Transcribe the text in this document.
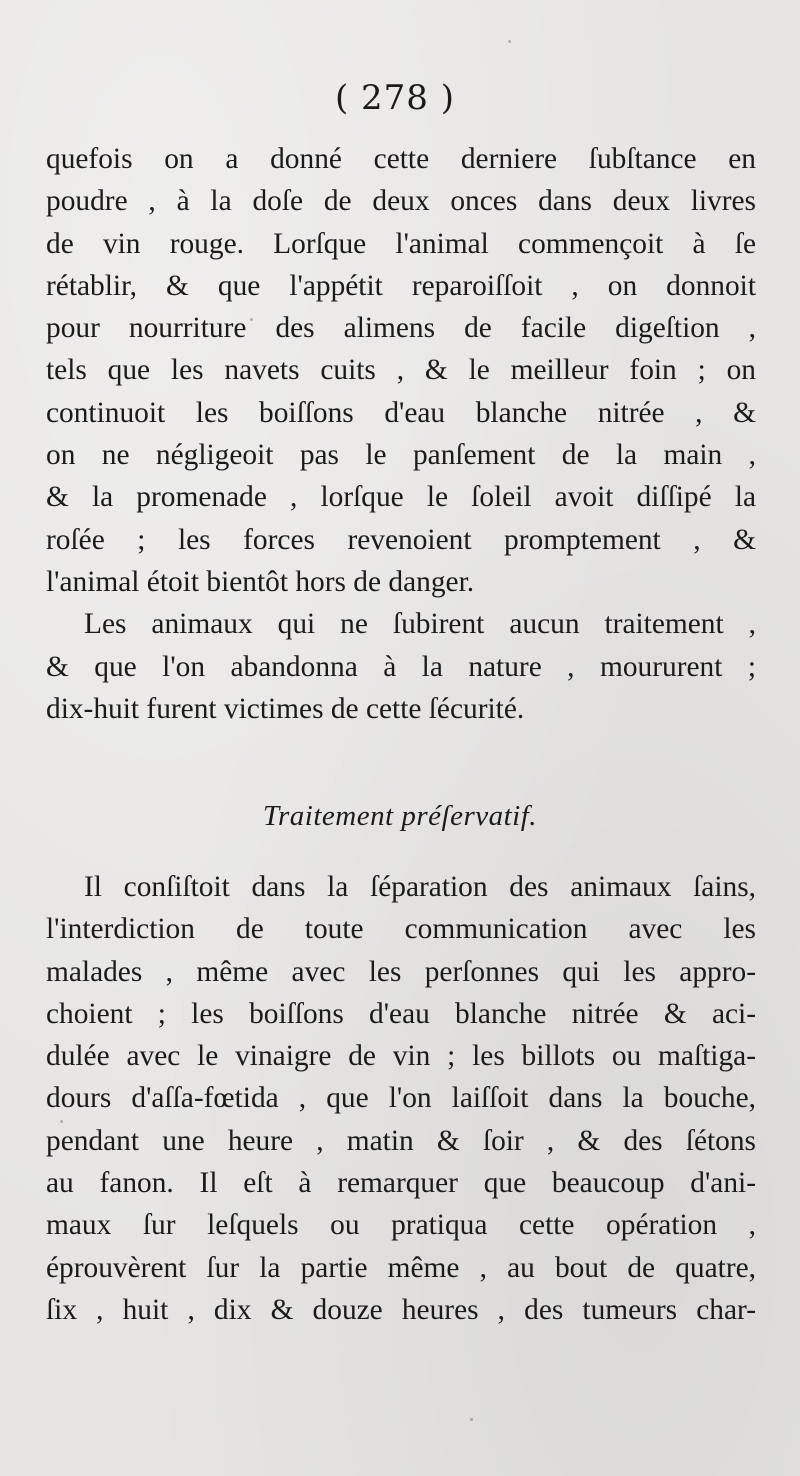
( 278 )
quefois on a donné cette derniere ſubſtance en
poudre , à la doſe de deux onces dans deux livres
de vin rouge. Lorſque l'animal commençoit à ſe
rétablir, & que l'appétit reparoiſſoit , on donnoit
pour nourriture des alimens de facile digeſtion ,
tels que les navets cuits , & le meilleur foin ; on
continuoit les boiſſons d'eau blanche nitrée , &
on ne négligeoit pas le panſement de la main ,
& la promenade , lorſque le ſoleil avoit diſſipé la
roſée ; les forces revenoient promptement , &
l'animal étoit bientôt hors de danger.
Les animaux qui ne ſubirent aucun traitement ,
& que l'on abandonna à la nature , moururent ;
dix-huit furent victimes de cette ſécurité.
Traitement préſervatif.
Il conſiſtoit dans la ſéparation des animaux ſains,
l'interdiction de toute communication avec les
malades , même avec les perſonnes qui les appro-
choient ; les boiſſons d'eau blanche nitrée & aci-
dulée avec le vinaigre de vin ; les billots ou maſtiga-
dours d'aſſa-fœtida , que l'on laiſſoit dans la bouche,
pendant une heure , matin & ſoir , & des ſétons
au fanon. Il eſt à remarquer que beaucoup d'ani-
maux ſur leſquels ou pratiqua cette opération ,
éprouvèrent ſur la partie même , au bout de quatre,
ſix , huit , dix & douze heures , des tumeurs char-
